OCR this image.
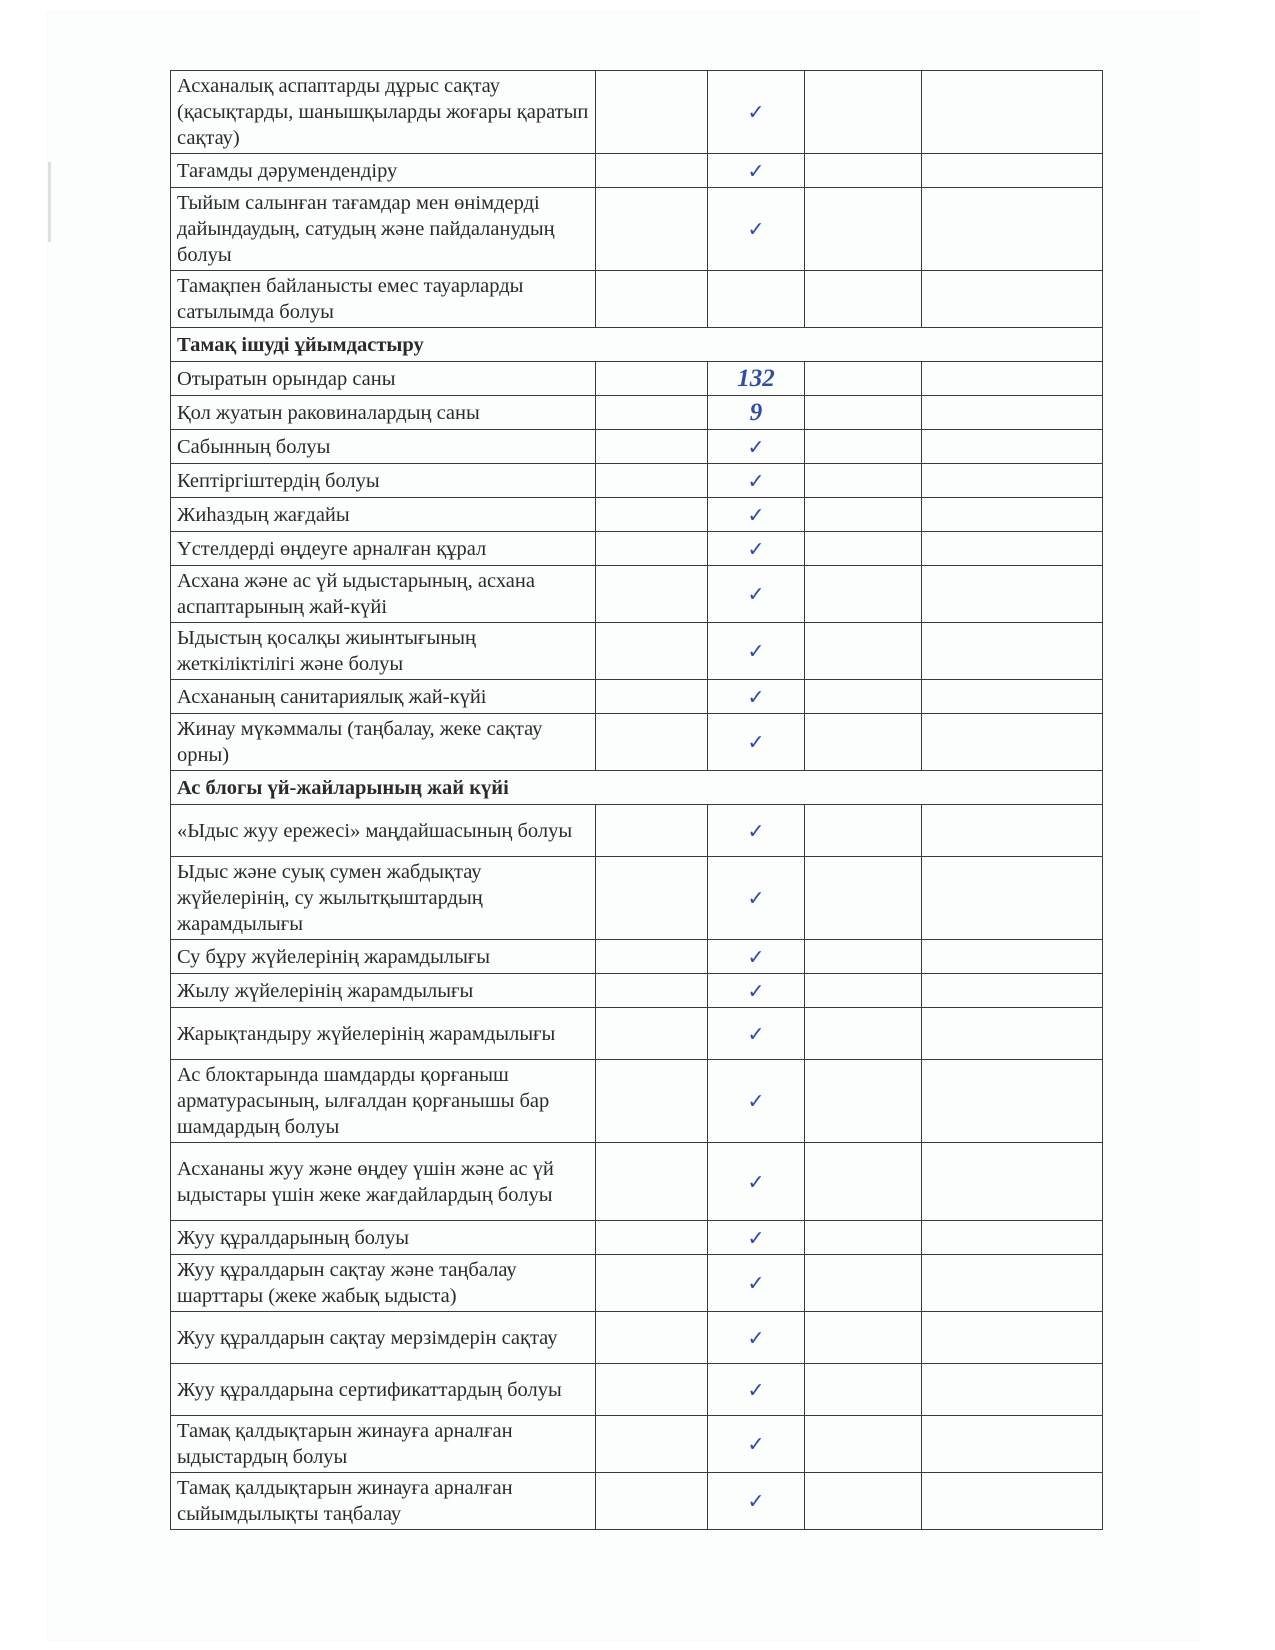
Асханалық аспаптарды дұрыс сақтау (қасықтарды, шанышқыларды жоғары қаратып сақтау)		✓		
Тағамды дәрумендендіру		✓		
Тыйым салынған тағамдар мен өнімдерді дайындаудың, сатудың және пайдаланудың болуы		✓		
Тамақпен байланысты емес тауарларды сатылымда болуы				
Тамақ ішуді ұйымдастыру				
Отыратын орындар саны		132		
Қол жуатын раковиналардың саны		9		
Сабынның болуы		✓		
Кептіргіштердің болуы		✓		
Жиһаздың жағдайы		✓		
Үстелдерді өңдеуге арналған құрал		✓		
Асхана және ас үй ыдыстарының, асхана аспаптарының жай-күйі		✓		
Ыдыстың қосалқы жиынтығының жеткіліктілігі және болуы		✓		
Асхананың санитариялық жай-күйі		✓		
Жинау мүкәммалы (таңбалау, жеке сақтау орны)		✓		
Ас блогы үй-жайларының жай күйі				
«Ыдыс жуу ережесі» маңдайшасының болуы		✓		
Ыдыс және суық сумен жабдықтау жүйелерінің, су жылытқыштардың жарамдылығы		✓		
Су бұру жүйелерінің жарамдылығы		✓		
Жылу жүйелерінің жарамдылығы		✓		
Жарықтандыру жүйелерінің жарамдылығы		✓		
Ас блоктарында шамдарды қорғаныш арматурасының, ылғалдан қорғанышы бар шамдардың болуы		✓		
Асхананы жуу және өңдеу үшін және ас үй ыдыстары үшін жеке жағдайлардың болуы		✓		
Жуу құралдарының болуы		✓		
Жуу құралдарын сақтау және таңбалау шарттары (жеке жабық ыдыста)		✓		
Жуу құралдарын сақтау мерзімдерін сақтау		✓		
Жуу құралдарына сертификаттардың болуы		✓		
Тамақ қалдықтарын жинауға арналған ыдыстардың болуы		✓		
Тамақ қалдықтарын жинауға арналған сыйымдылықты таңбалау		✓		
